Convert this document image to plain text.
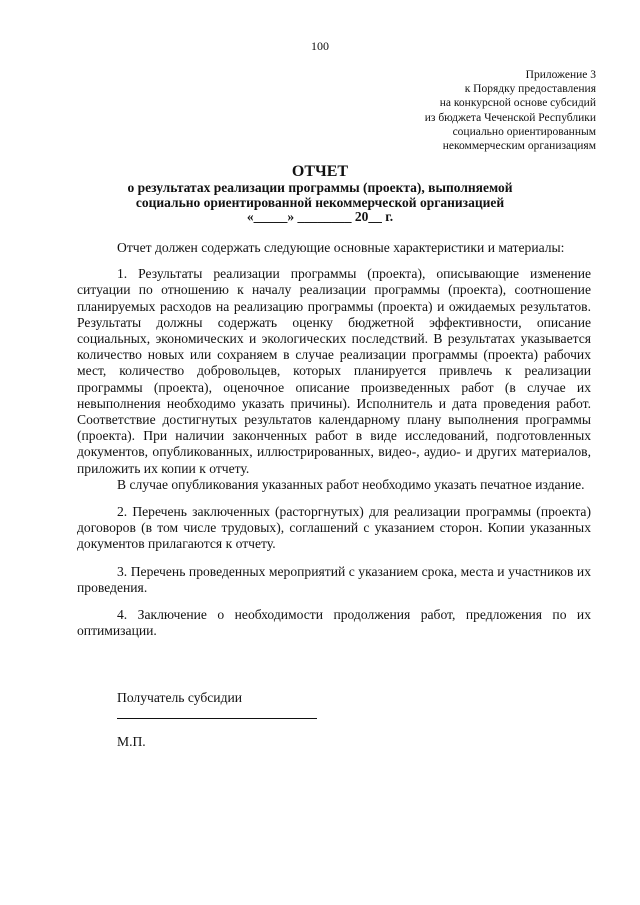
100
Приложение 3
к Порядку предоставления
на конкурсной основе субсидий
из бюджета Чеченской Республики
социально ориентированным
некоммерческим организациям
ОТЧЕТ
о результатах реализации программы (проекта), выполняемой
социально ориентированной некоммерческой организацией
«_____» ________ 20__ г.

Отчет должен содержать следующие основные характеристики и материалы:

1. Результаты реализации программы (проекта), описывающие изменение ситуации по отношению к началу реализации программы (проекта), соотношение планируемых расходов на реализацию программы (проекта) и ожидаемых результатов. Результаты должны содержать оценку бюджетной эффективности, описание социальных, экономических и экологических последствий. В результатах указывается количество новых или сохраняем в случае реализации программы (проекта) рабочих мест, количество добровольцев, которых планируется привлечь к реализации программы (проекта), оценочное описание произведенных работ (в случае их невыполнения необходимо указать причины). Исполнитель и дата проведения работ. Соответствие достигнутых результатов календарному плану выполнения программы (проекта). При наличии законченных работ в виде исследований, подготовленных документов, опубликованных, иллюстрированных, видео-, аудио- и других материалов, приложить их копии к отчету.

В случае опубликования указанных работ необходимо указать печатное издание.

2. Перечень заключенных (расторгнутых) для реализации программы (проекта) договоров (в том числе трудовых), соглашений с указанием сторон. Копии указанных документов прилагаются к отчету.

3. Перечень проведенных мероприятий с указанием срока, места и участников их проведения.

4. Заключение о необходимости продолжения работ, предложения по их оптимизации.

Получатель субсидии
М.П.
